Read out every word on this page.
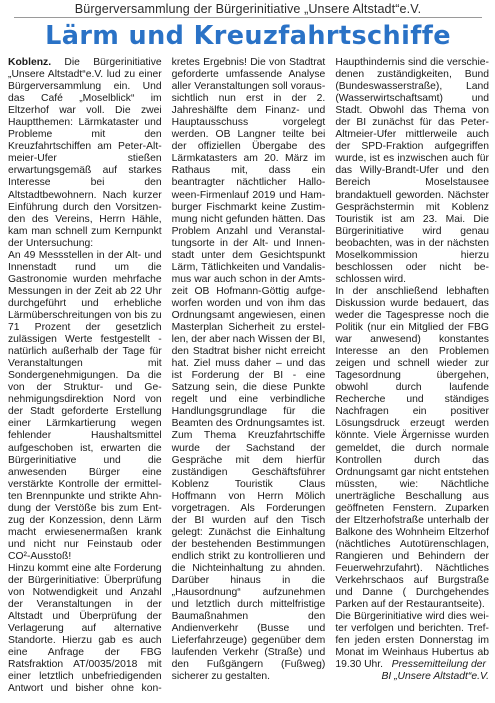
Bürgerversammlung der Bürgerinitiative „Unsere Altstadt“e.V.
Lärm und Kreuzfahrtschiffe

Koblenz. Die Bürgerinitiative „Unsere Altstadt“e.V. lud zu einer Bürgerversammlung ein. Und das Café „Moselblick“ im Eltzerhof war voll. Die zwei Hauptthemen: Lärmkataster und Probleme mit den Kreuzfahrtschiffen am Peter-Altmeier-Ufer stießen erwartungsgemäß auf starkes Interesse bei den Altstadtbewohnern. Nach kurzer Einführung durch den Vorsitzenden des Vereins, Herrn Hähle, kam man schnell zum Kernpunkt der Untersuchung:

An 49 Messstellen in der Alt- und Innenstadt rund um die Gastronomie wurden mehrfache Messungen in der Zeit ab 22 Uhr durchgeführt und erhebliche Lärmüberschreitungen von bis zu 71 Prozent der gesetzlich zulässigen Werte festgestellt - natürlich außerhalb der Tage für Veranstaltungen mit Sondergenehmigungen. Da die von der Struktur- und Genehmigungsdirektion Nord von der Stadt geforderte Erstellung einer Lärmkartierung wegen fehlender Haushaltsmittel aufgeschoben ist, erwarten die Bürgerinitiative und die anwesenden Bürger eine verstärkte Kontrolle der ermittelten Brennpunkte und strikte Ahndung der Verstöße bis zum Entzug der Konzession, denn Lärm macht erwiesenermaßen krank und nicht nur Feinstaub oder CO²-Ausstoß!

Hinzu kommt eine alte Forderung der Bürgerinitiative: Überprüfung von Notwendigkeit und Anzahl der Veranstaltungen in der Altstadt und Überprüfung der Verlagerung auf alternative Standorte. Hierzu gab es auch eine Anfrage der FBG Ratsfraktion AT/0035/2018 mit einer letztlich unbefriedigenden Antwort und bisher ohne konkretes Ergebnis! Die von Stadtrat geforderte umfassende Analyse aller Veranstaltungen soll voraussichtlich nun erst in der 2. Jahreshälfte dem Finanz- und Hauptausschuss vorgelegt werden. OB Langner teilte bei der offiziellen Übergabe des Lärmkatasters am 20. März im Rathaus mit, dass ein beantragter nächtlicher Halloween-Firmenlauf 2019 und Hamburger Fischmarkt keine Zustimmung nicht gefunden hätten. Das Problem Anzahl und Veranstaltungsorte in der Alt- und Innenstadt unter dem Gesichtspunkt Lärm, Tätlichkeiten und Vandalismus war auch schon in der Amtszeit OB Hofmann-Göttig aufgeworfen worden und von ihm das Ordnungsamt angewiesen, einen Masterplan Sicherheit zu erstellen, der aber nach Wissen der BI, den Stadtrat bisher nicht erreicht hat. Ziel muss daher – und das ist Forderung der BI - eine Satzung sein, die diese Punkte regelt und eine verbindliche Handlungsgrundlage für die Beamten des Ordnungsamtes ist.

Zum Thema Kreuzfahrtschiffe wurde der Sachstand der Gespräche mit dem hierfür zuständigen Geschäftsführer Koblenz Touristik Claus Hoffmann von Herrn Mölich vorgetragen. Als Forderungen der BI wurden auf den Tisch gelegt: Zunächst die Einhaltung der bestehenden Bestimmungen endlich strikt zu kontrollieren und die Nichteinhaltung zu ahnden. Darüber hinaus in die „Hausordnung“ aufzunehmen und letztlich durch mittelfristige Baumaßnahmen den Andienverkehr (Busse und Lieferfahrzeuge) gegenüber dem laufenden Verkehr (Straße) und den Fußgängern (Fußweg) sicherer zu gestalten.

Haupthindernis sind die verschiedenen zuständigkeiten, Bund (Bundeswasserstraße), Land (Wasserwirtschaftsamt) und Stadt. Obwohl das Thema von der BI zunächst für das Peter-Altmeier-Ufer mittlerweile auch der SPD-Fraktion aufgegriffen wurde, ist es inzwischen auch für das Willy-Brandt-Ufer und den Bereich Moselstausee brandaktuell geworden. Nächster Gesprächstermin mit Koblenz Touristik ist am 23. Mai. Die Bürgerinitiative wird genau beobachten, was in der nächsten Moselkommission hierzu beschlossen oder nicht beschlossen wird.

In der anschließend lebhaften Diskussion wurde bedauert, das weder die Tagespresse noch die Politik (nur ein Mitglied der FBG war anwesend) konstantes Interesse an den Problemen zeigen und schnell wieder zur Tagesordnung übergehen, obwohl durch laufende Recherche und ständiges Nachfragen ein positiver Lösungsdruck erzeugt werden könnte. Viele Ärgernisse wurden gemeldet, die durch normale Kontrollen durch das Ordnungsamt gar nicht entstehen müssten, wie: Nächtliche unerträgliche Beschallung aus geöffneten Fenstern. Zuparken der Eltzerhofstraße unterhalb der Balkone des Wohnheim Eltzerhof (nächtliches Autotürenschlagen, Rangieren und Behindern der Feuerwehrzufahrt). Nächtliches Verkehrschaos auf Burgstraße und Danne ( Durchgehendes Parken auf der Restaurantseite).

Die Bürgerinitiative wird dies weiter verfolgen und berichten. Treffen jeden ersten Donnerstag im Monat im Weinhaus Hubertus ab 19.30 Uhr. Pressemitteilung der
BI „Unsere Altstadt“e.V.
